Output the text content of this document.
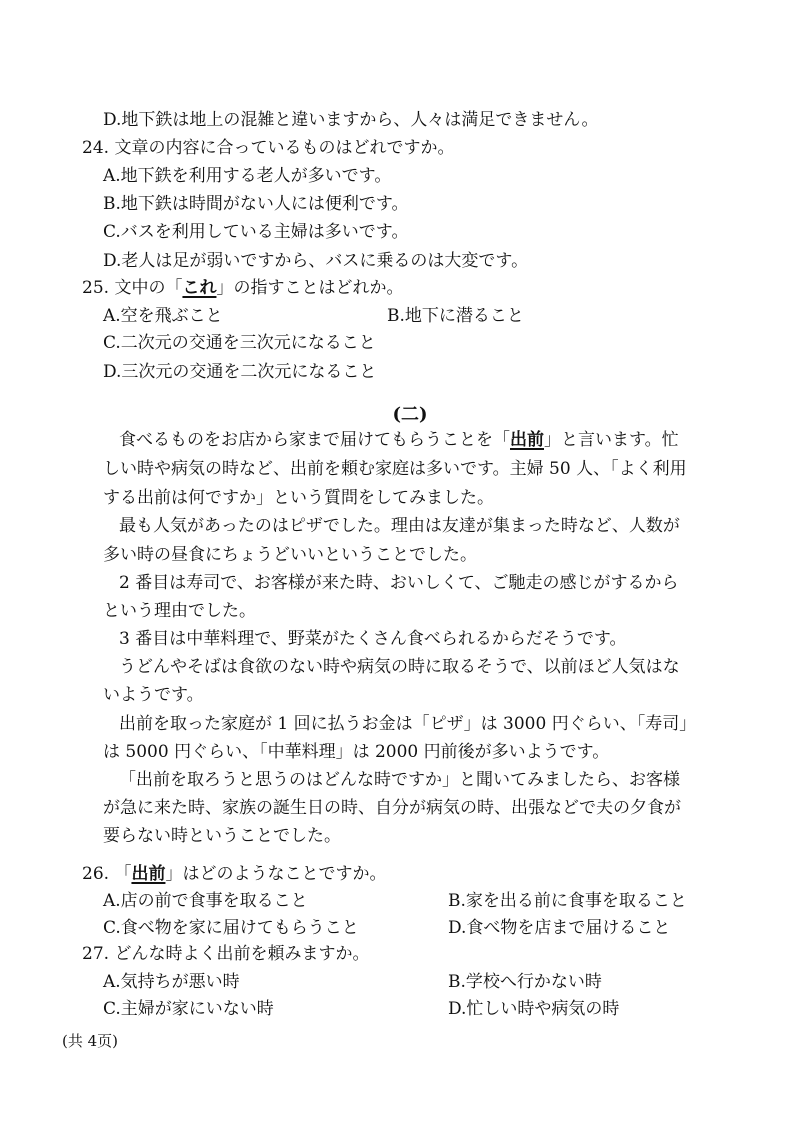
D.地下鉄は地上の混雑と違いますから、人々は満足できません。

24. 文章の内容に合っているものはどれですか。

A.地下鉄を利用する老人が多いです。

B.地下鉄は時間がない人には便利です。

C.バスを利用している主婦は多いです。

D.老人は足が弱いですから、バスに乗るのは大変です。

25. 文中の「これ」の指すことはどれか。

A.空を飛ぶこと	B.地下に潜ること

C.二次元の交通を三次元になること

D.三次元の交通を二次元になること

(二)

食べるものをお店から家まで届けてもらうことを「出前」と言います。忙

しい時や病気の時など、出前を頼む家庭は多いです。主婦 50 人、「よく利用

する出前は何ですか」という質問をしてみました。

最も人気があったのはピザでした。理由は友達が集まった時など、人数が

多い時の昼食にちょうどいいということでした。

2 番目は寿司で、お客様が来た時、おいしくて、ご馳走の感じがするから

という理由でした。

3 番目は中華料理で、野菜がたくさん食べられるからだそうです。

うどんやそばは食欲のない時や病気の時に取るそうで、以前ほど人気はな

いようです。

出前を取った家庭が 1 回に払うお金は「ピザ」は 3000 円ぐらい、「寿司」

は 5000 円ぐらい、「中華料理」は 2000 円前後が多いようです。

「出前を取ろうと思うのはどんな時ですか」と聞いてみましたら、お客様

が急に来た時、家族の誕生日の時、自分が病気の時、出張などで夫の夕食が

要らない時ということでした。

26. 「出前」はどのようなことですか。

A.店の前で食事を取ること	B.家を出る前に食事を取ること

C.食べ物を家に届けてもらうこと	D.食べ物を店まで届けること

27. どんな時よく出前を頼みますか。

A.気持ちが悪い時	B.学校へ行かない時

C.主婦が家にいない時	D.忙しい時や病気の時

(共 4页)
